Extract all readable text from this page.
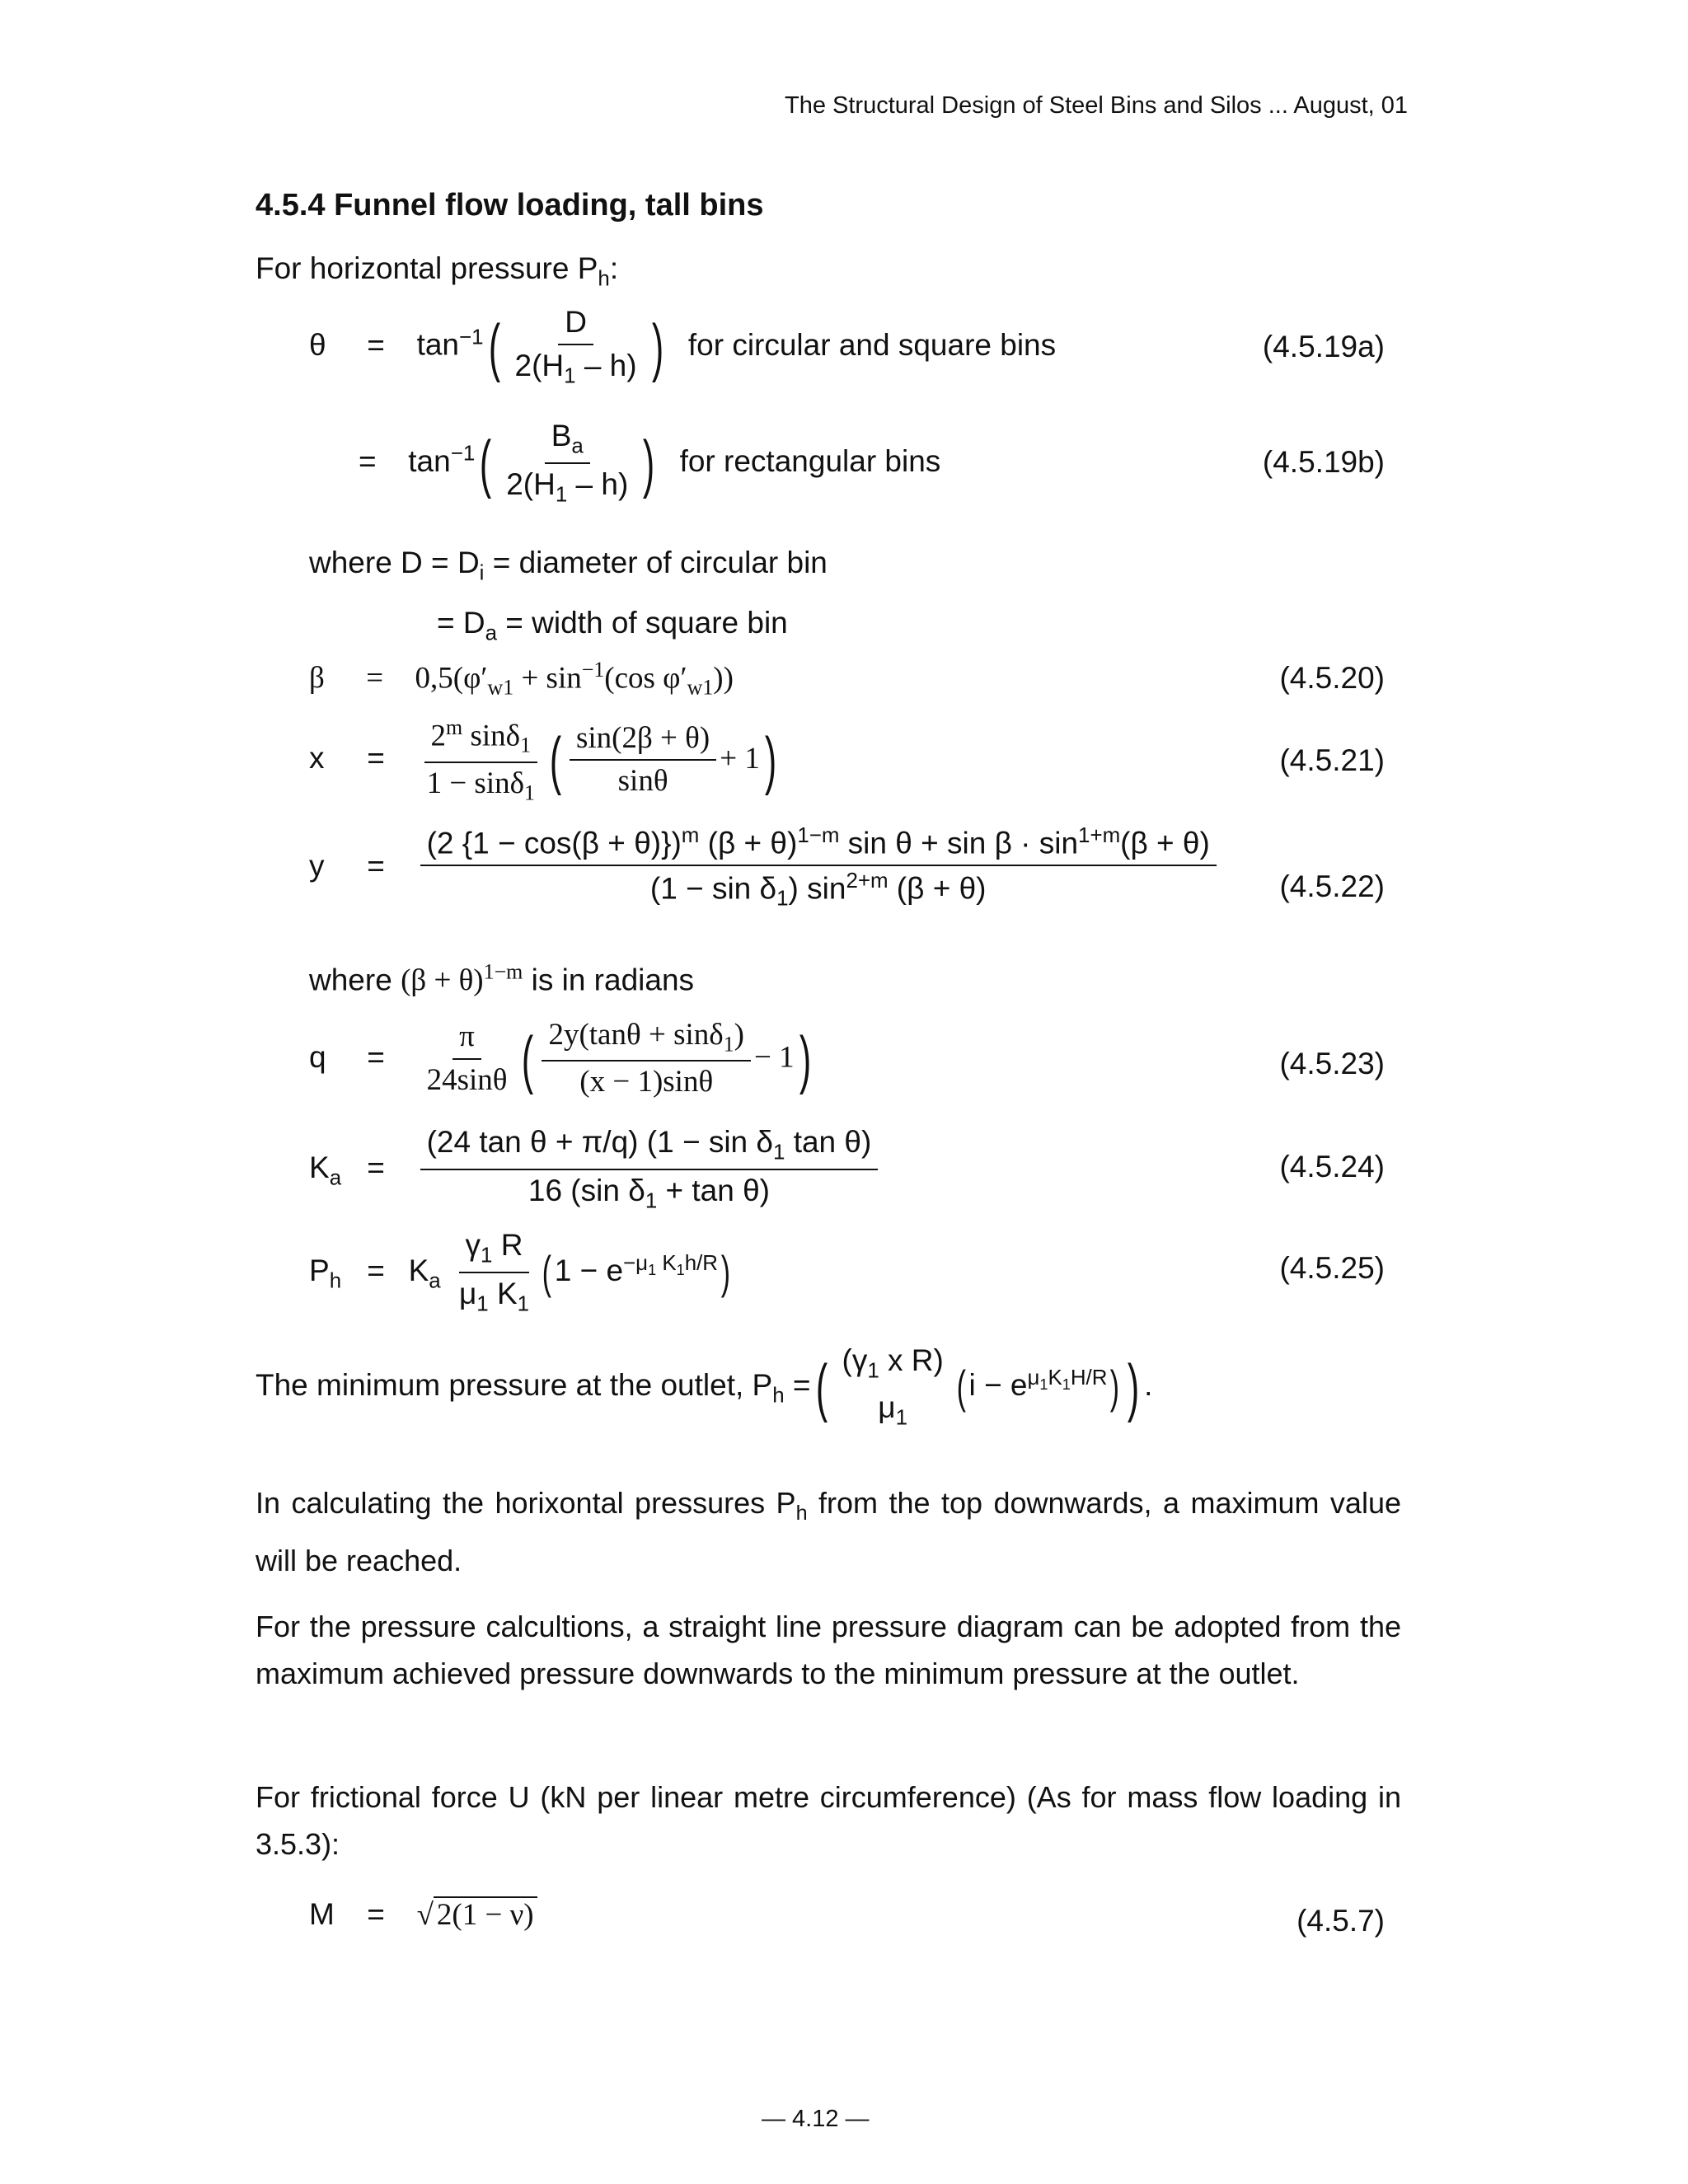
The Structural Design of Steel Bins and Silos ... August, 01
4.5.4 Funnel flow loading, tall bins
For horizontal pressure $P_h$:
$\theta = \tan^{-1}( \frac{D}{2(H_1 - h)}$ ) for circular and square bins	(4.5.19a)
= $\tan^{-1}( \frac{B_a}{2(H_1 - h)}$ ) for rectangular bins	(4.5.19b)
where $D = D_i$ = diameter of circular bin
= $D_a$ = width of square bin
$\beta = 0,5(\varphi'_{w1} + \sin^{-1}(\cos$ $\varphi'_{w1}$))	(4.5.20)
$x = \frac{2^m \sin\delta_1}{1 - \sin\delta_1}$ ( $\frac{\sin(2\beta + \theta)}{\sin\theta} + 1$)	(4.5.21)
y =
(2 {1 − cos(β + θ)})$^m$ $(\beta + \theta)^{1-m}$ $\sin \theta + \sin \beta \cdot \sin^{1+m}(\beta + \theta)$
$(1 - \sin \delta_1)$ $\sin^{2+m} (\beta + \theta)$	(4.5.22)
where $(\beta + \theta)^{1-m}$ is in radians
$q = \frac{\pi}{24\sin\theta}$ ( $\frac{2y(\tan\theta + \sin\delta_1)}{(x - 1)\sin\theta} - 1$)	(4.5.23)
$K_a = \frac{(24 \tan \theta + \pi/q) (1 - \sin \delta_1 \tan \theta)}{16 (\sin \delta_1 + \tan \theta)}$	(4.5.24)
$P_h = K_a \frac{\gamma_1 R}{\mu_1 K_1}$ ( $1 - e^{-\mu_1 K_1h/R}$)	(4.5.25)
The minimum pressure at the outlet, $P_h$ =( ($\gamma_1$ x R)
$\mu_1$
( $i - e^{\mu_1K_1H/R}$) ) .
In calculating the horixontal pressures $P_h$ from the top downwards, a maximum value will be reached.
For the pressure calcultions, a straight line pressure diagram can be adopted from the maximum achieved pressure downwards to the minimum pressure at the outlet.
For frictional force U (kN per linear metre circumference) (As for mass flow loading in 3.5.3):
M = √ 2(1 − ν)	(4.5.7)
— 4.12 —
